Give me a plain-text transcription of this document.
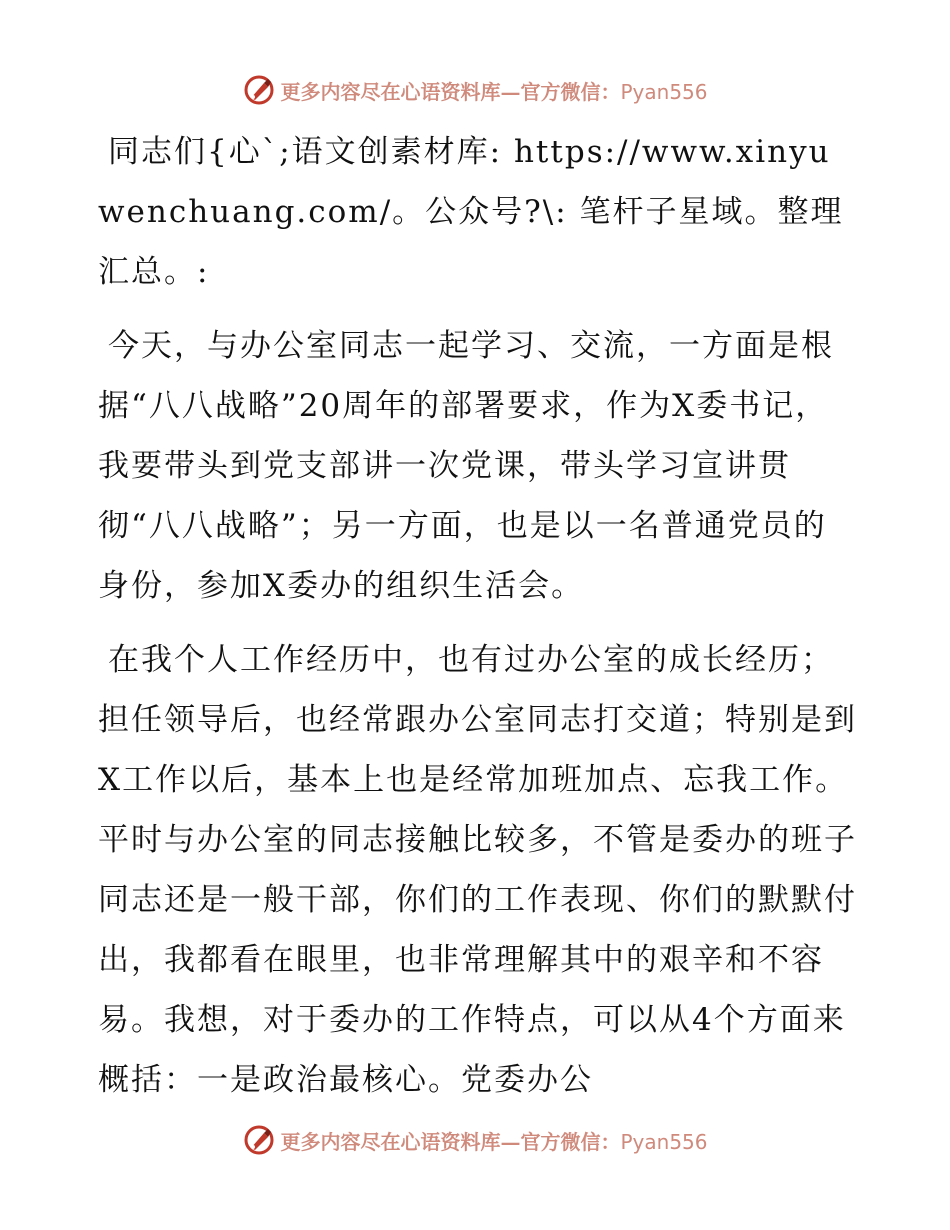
更多内容尽在心语资料库—官方微信：Pyan556

同志们{心`;语文创素材库: https://www.xinyuwenchuang.com/。公众号?\: 笔杆子星域。整理汇总。:

今天，与办公室同志一起学习、交流，一方面是根据“八八战略”20周年的部署要求，作为X委书记，我要带头到党支部讲一次党课，带头学习宣讲贯彻“八八战略”；另一方面，也是以一名普通党员的身份，参加X委办的组织生活会。

在我个人工作经历中，也有过办公室的成长经历；担任领导后，也经常跟办公室同志打交道；特别是到X工作以后，基本上也是经常加班加点、忘我工作。平时与办公室的同志接触比较多，不管是委办的班子同志还是一般干部，你们的工作表现、你们的默默付出，我都看在眼里，也非常理解其中的艰辛和不容易。我想，对于委办的工作特点，可以从4个方面来概括：一是政治最核心。党委办公

更多内容尽在心语资料库—官方微信：Pyan556
